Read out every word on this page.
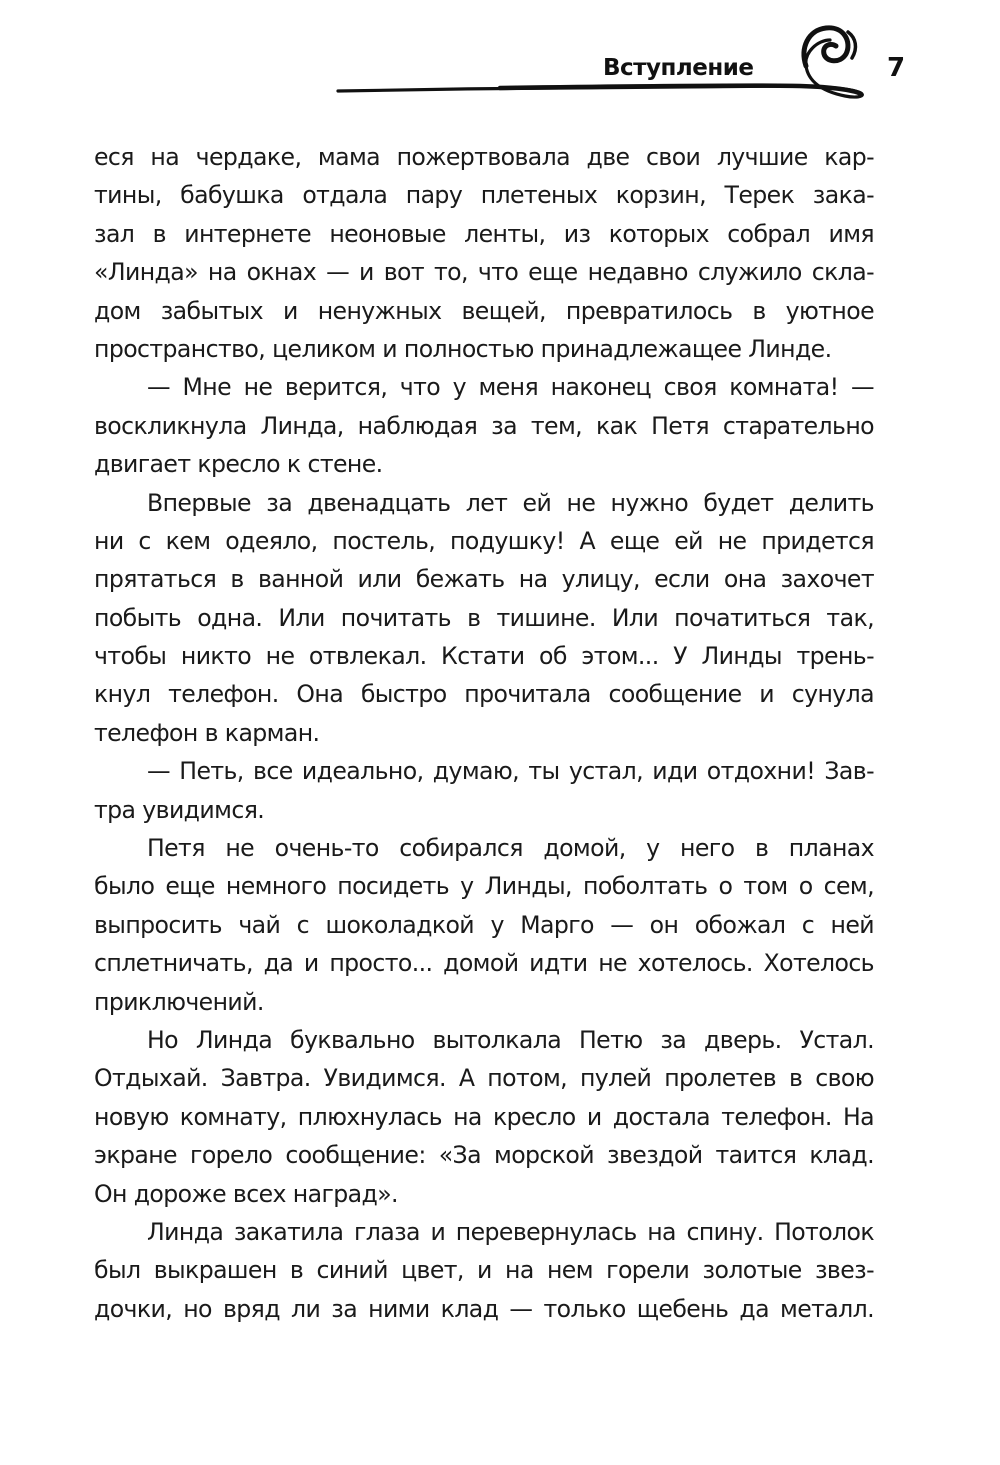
Вступление	7
еся на чердаке, мама пожертвовала две свои лучшие кар-
тины, бабушка отдала пару плетеных корзин, Терек зака-
зал в интернете неоновые ленты, из которых собрал имя
«Линда» на окнах — и вот то, что еще недавно служило скла-
дом забытых и ненужных вещей, превратилось в уютное
пространство, целиком и полностью принадлежащее Линде.
— Мне не верится, что у меня наконец своя комната! —
воскликнула Линда, наблюдая за тем, как Петя старательно
двигает кресло к стене.
Впервые за двенадцать лет ей не нужно будет делить
ни с кем одеяло, постель, подушку! А еще ей не придется
прятаться в ванной или бежать на улицу, если она захочет
побыть одна. Или почитать в тишине. Или початиться так,
чтобы никто не отвлекал. Кстати об этом... У Линды трень-
кнул телефон. Она быстро прочитала сообщение и сунула
телефон в карман.
— Петь, все идеально, думаю, ты устал, иди отдохни! Зав-
тра увидимся.
Петя не очень-то собирался домой, у него в планах
было еще немного посидеть у Линды, поболтать о том о сем,
выпросить чай с шоколадкой у Марго — он обожал с ней
сплетничать, да и просто... домой идти не хотелось. Хотелось
приключений.
Но Линда буквально вытолкала Петю за дверь. Устал.
Отдыхай. Завтра. Увидимся. А потом, пулей пролетев в свою
новую комнату, плюхнулась на кресло и достала телефон. На
экране горело сообщение: «За морской звездой таится клад.
Он дороже всех наград».
Линда закатила глаза и перевернулась на спину. Потолок
был выкрашен в синий цвет, и на нем горели золотые звез-
дочки, но вряд ли за ними клад — только щебень да металл.
